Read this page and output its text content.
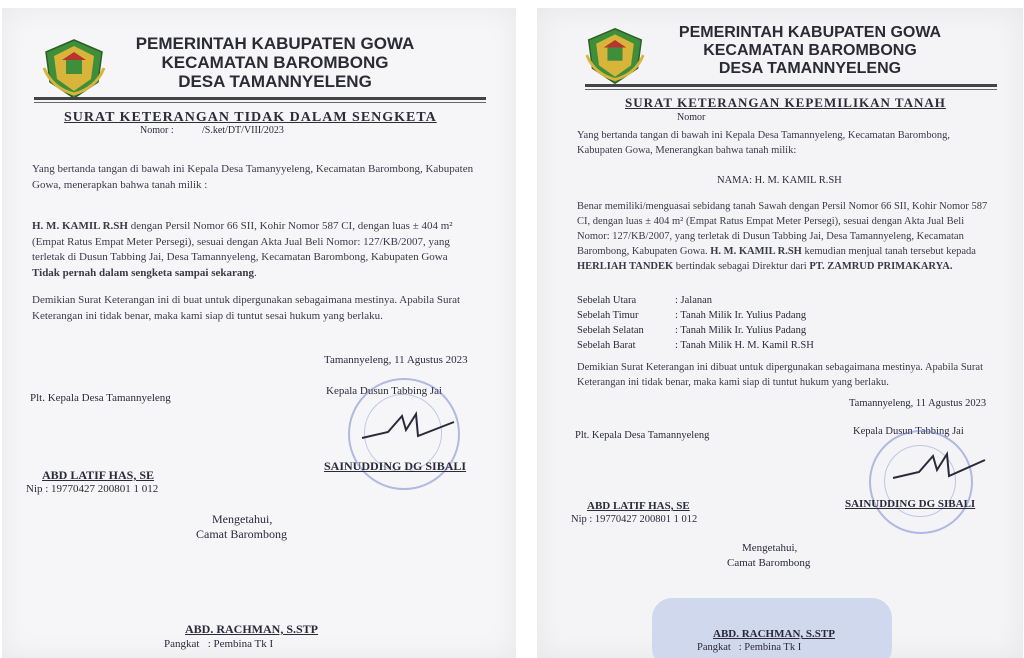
PEMERINTAH KABUPATEN GOWA
KECAMATAN BAROMBONG
DESA TAMANNYELENG
SURAT KETERANGAN TIDAK DALAM SENGKETA
Nomor :	/S.ket/DT/VIII/2023
Yang bertanda tangan di bawah ini Kepala Desa Tamanyyeleng, Kecamatan Barombong, Kabupaten Gowa, menerapkan bahwa tanah milik :
H. M. KAMIL R.SH dengan Persil Nomor 66 SII, Kohir Nomor 587 CI, dengan luas ± 404 m² (Empat Ratus Empat Meter Persegi), sesuai dengan Akta Jual Beli Nomor: 127/KB/2007, yang terletak di Dusun Tabbing Jai, Desa Tamannyeleng, Kecamatan Barombong, Kabupaten Gowa Tidak pernah dalam sengketa sampai sekarang.
Demikian Surat Keterangan ini di buat untuk dipergunakan sebagaimana mestinya. Apabila Surat Keterangan ini tidak benar, maka kami siap di tuntut sesai hukum yang berlaku.
Tamannyeleng, 11 Agustus 2023
Plt. Kepala Desa Tamannyeleng
Kepala Dusun Tabbing Jai
ABD LATIF HAS, SE
Nip : 19770427 200801 1 012
SAINUDDING DG SIBALI
Mengetahui,
Camat Barombong
ABD. RACHMAN, S.STP
Pangkat   : Pembina Tk I
PEMERINTAH KABUPATEN GOWA
KECAMATAN BAROMBONG
DESA TAMANNYELENG
SURAT KETERANGAN KEPEMILIKAN TANAH
Nomor
Yang bertanda tangan di bawah ini Kepala Desa Tamannyeleng, Kecamatan Barombong, Kabupaten Gowa, Menerangkan bahwa tanah milik:
NAMA: H. M. KAMIL R.SH
Benar memiliki/menguasai sebidang tanah Sawah dengan Persil Nomor 66 SII, Kohir Nomor 587 CI, dengan luas ± 404 m² (Empat Ratus Empat Meter Persegi), sesuai dengan Akta Jual Beli Nomor: 127/KB/2007, yang terletak di Dusun Tabbing Jai, Desa Tamannyeleng, Kecamatan Barombong, Kabupaten Gowa. H. M. KAMIL R.SH kemudian menjual tanah tersebut kepada HERLIAH TANDEK bertindak sebagai Direktur dari PT. ZAMRUD PRIMAKARYA.
Sebelah Utara	: Jalanan
Sebelah Timur	: Tanah Milik Ir. Yulius Padang
Sebelah Selatan	: Tanah Milik Ir. Yulius Padang
Sebelah Barat	: Tanah Milik H. M. Kamil R.SH
Demikian Surat Keterangan ini dibuat untuk dipergunakan sebagaimana mestinya. Apabila Surat Keterangan ini tidak benar, maka kami siap di tuntut hukum yang berlaku.
Tamannyeleng, 11 Agustus 2023
Plt. Kepala Desa Tamannyeleng	Kepala Dusun Tabbing Jai
ABD LATIF HAS, SE
Nip : 19770427 200801 1 012
SAINUDDING DG SIBALI
Mengetahui,
Camat Barombong
ABD. RACHMAN, S.STP
Pangkat   : Pembina Tk I
